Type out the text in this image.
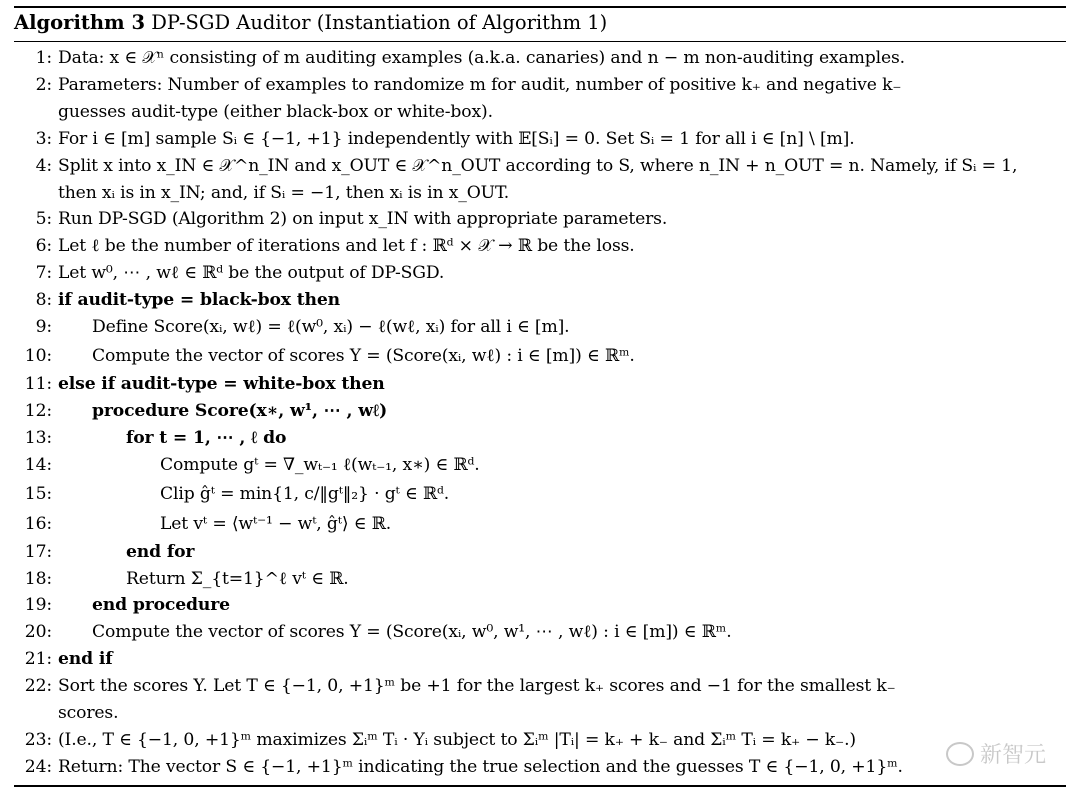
Algorithm 3 DP-SGD Auditor (Instantiation of Algorithm 1)
1: Data: x ∈ 𝒳ⁿ consisting of m auditing examples (a.k.a. canaries) and n − m non-auditing examples.
2: Parameters: Number of examples to randomize m for audit, number of positive k₊ and negative k₋
guesses audit-type (either black-box or white-box).
3: For i ∈ [m] sample Sᵢ ∈ {−1, +1} independently with 𝔼[Sᵢ] = 0. Set Sᵢ = 1 for all i ∈ [n] \ [m].
4: Split x into x_IN ∈ 𝒳^n_IN and x_OUT ∈ 𝒳^n_OUT according to S, where n_IN + n_OUT = n. Namely, if Sᵢ = 1,
then xᵢ is in x_IN; and, if Sᵢ = −1, then xᵢ is in x_OUT.
5: Run DP-SGD (Algorithm 2) on input x_IN with appropriate parameters.
6: Let ℓ be the number of iterations and let f : ℝᵈ × 𝒳 → ℝ be the loss.
7: Let w⁰, ⋯ , wℓ ∈ ℝᵈ be the output of DP-SGD.
8: if audit-type = black-box then
9:	Define Score(xᵢ, wℓ) = ℓ(w⁰, xᵢ) − ℓ(wℓ, xᵢ) for all i ∈ [m].
10:	Compute the vector of scores Y = (Score(xᵢ, wℓ) : i ∈ [m]) ∈ ℝᵐ.
11: else if audit-type = white-box then
12:	procedure Score(x∗, w¹, ⋯ , wℓ)
13:	for t = 1, ⋯ , ℓ do
14:	Compute gᵗ = ∇_wₜ₋₁ ℓ(wₜ₋₁, x∗) ∈ ℝᵈ.
15:	Clip ĝᵗ = min{1, c/‖gᵗ‖₂} · gᵗ ∈ ℝᵈ.
16:	Let vᵗ = ⟨wᵗ⁻¹ − wᵗ, ĝᵗ⟩ ∈ ℝ.
17:	end for
18:	Return Σ_{t=1}^ℓ vᵗ ∈ ℝ.
19:	end procedure
20:	Compute the vector of scores Y = (Score(xᵢ, w⁰, w¹, ⋯ , wℓ) : i ∈ [m]) ∈ ℝᵐ.
21: end if
22: Sort the scores Y. Let T ∈ {−1, 0, +1}ᵐ be +1 for the largest k₊ scores and −1 for the smallest k₋
scores.
23: (I.e., T ∈ {−1, 0, +1}ᵐ maximizes Σᵢᵐ Tᵢ · Yᵢ subject to Σᵢᵐ |Tᵢ| = k₊ + k₋ and Σᵢᵐ Tᵢ = k₊ − k₋.)
24: Return: The vector S ∈ {−1, +1}ᵐ indicating the true selection and the guesses T ∈ {−1, 0, +1}ᵐ.	新智元
